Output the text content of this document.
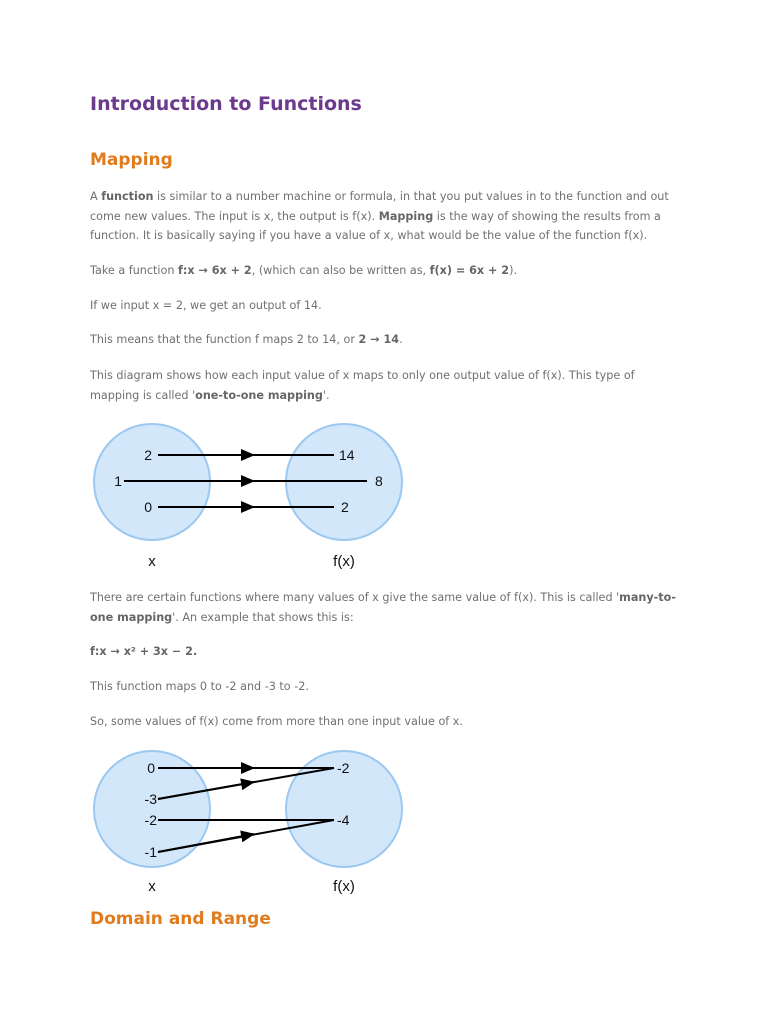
Introduction to Functions
Mapping

A function is similar to a number machine or formula, in that you put values in to the function and out come new values. The input is x, the output is f(x). Mapping is the way of showing the results from a function. It is basically saying if you have a value of x, what would be the value of the function f(x).

Take a function f:x → 6x + 2, (which can also be written as, f(x) = 6x + 2).

If we input x = 2, we get an output of 14.

This means that the function f maps 2 to 14, or 2 → 14.

This diagram shows how each input value of x maps to only one output value of f(x). This type of mapping is called 'one-to-one mapping'.

2
1
0
14
8
2
x	f(x)
0
-3
-2
-1
-2
-4
x	f(x)

There are certain functions where many values of x give the same value of f(x). This is called 'many-to-one mapping'. An example that shows this is:

f:x → x² + 3x − 2.

This function maps 0 to -2 and -3 to -2.

So, some values of f(x) come from more than one input value of x.

Domain and Range
